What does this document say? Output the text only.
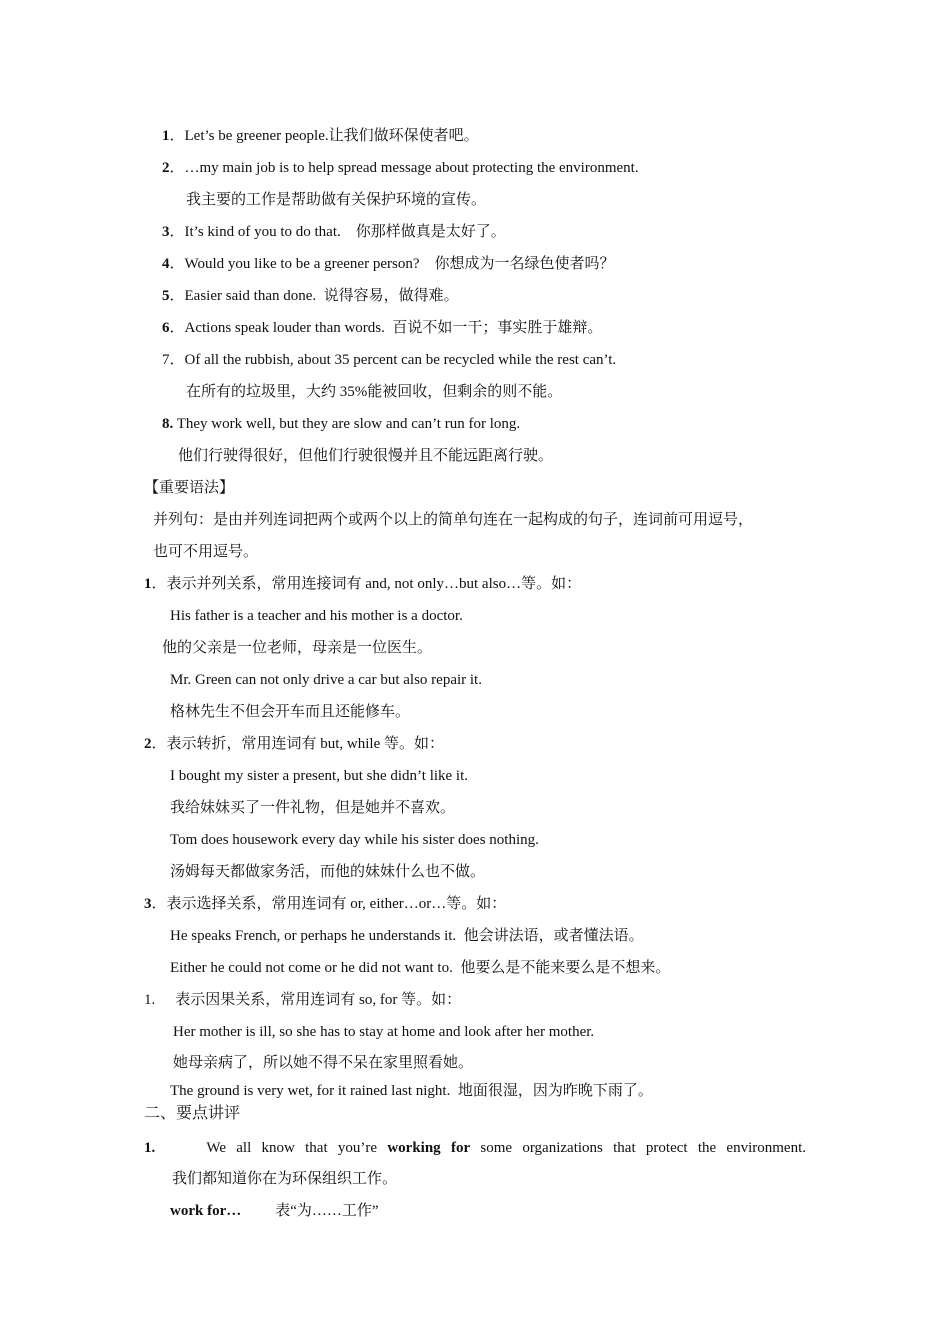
1．Let’s be greener people.让我们做环保使者吧。
2．…my main job is to help spread message about protecting the environment.
我主要的工作是帮助做有关保护环境的宣传。
3．It’s kind of you to do that.    你那样做真是太好了。
4．Would you like to be a greener person?    你想成为一名绿色使者吗？
5．Easier said than done.  说得容易，做得难。
6．Actions speak louder than words.  百说不如一干；事实胜于雄辩。
7．Of all the rubbish, about 35 percent can be recycled while the rest can’t.
在所有的垃圾里，大约 35%能被回收，但剩余的则不能。
8. They work well, but they are slow and can’t run for long.
他们行驶得很好，但他们行驶很慢并且不能远距离行驶。
【重要语法】
并列句：是由并列连词把两个或两个以上的简单句连在一起构成的句子，连词前可用逗号，
也可不用逗号。
1．表示并列关系，常用连接词有 and, not only…but also…等。如：
His father is a teacher and his mother is a doctor.
他的父亲是一位老师，母亲是一位医生。
Mr. Green can not only drive a car but also repair it.
格林先生不但会开车而且还能修车。
2．表示转折，常用连词有 but, while 等。如：
I bought my sister a present, but she didn’t like it.
我给妹妹买了一件礼物，但是她并不喜欢。
Tom does housework every day while his sister does nothing.
汤姆每天都做家务活，而他的妹妹什么也不做。
3．表示选择关系，常用连词有 or, either…or…等。如：
He speaks French, or perhaps he understands it.  他会讲法语，或者懂法语。
Either he could not come or he did not want to.  他要么是不能来要么是不想来。
1. 表示因果关系，常用连词有 so, for 等。如：
Her mother is ill, so she has to stay at home and look after her mother.
她母亲病了，所以她不得不呆在家里照看她。
The ground is very wet, for it rained last night.  地面很湿，因为昨晚下雨了。
二、要点讲评
1.	We all know that you’re working for some organizations that protect the environment.
我们都知道你在为环保组织工作。
work for… 表“为……工作”
